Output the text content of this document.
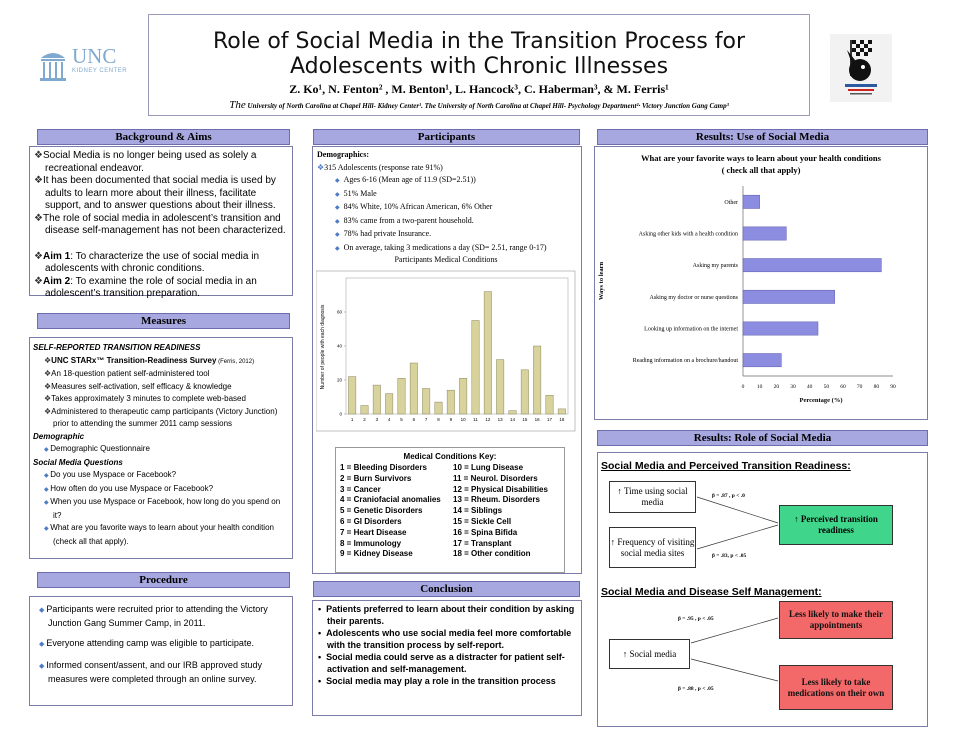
UNC
KIDNEY CENTER
Role of Social Media in the Transition Process for
Adolescents with Chronic Illnesses
Z. Ko¹, N. Fenton² , M. Benton¹, L. Hancock³, C. Haberman³, & M. Ferris¹
The University of North Carolina at Chapel Hill- Kidney Center¹. The University of North Carolina at Chapel Hill- Psychology Department²· Victory Junction Gang Camp³
Background & Aims

❖Social Media is no longer being used as solely a recreational endeavor.

❖It has been documented that social media is used by adults to learn more about their illness, facilitate support, and to answer questions about their illness.

❖The role of social media in adolescent’s transition and disease self-management has not been characterized.

❖Aim 1: To characterize the use of social media in adolescents with chronic conditions.

❖Aim 2: To examine the role of social media in an adolescent’s transition preparation.

Measures
SELF-REPORTED TRANSITION READINESS
❖UNC STARx™ Transition-Readiness Survey (Ferris, 2012)
❖An 18-question patient self-administered tool
❖Measures self-activation, self efficacy & knowledge
❖Takes approximately 3 minutes to complete web-based
❖Administered to therapeutic camp participants (Victory Junction) prior to attending the summer 2011 camp sessions
Demographic
◆ Demographic Questionnaire
Social Media Questions
◆ Do you use Myspace or Facebook?
◆ How often do you use Myspace or Facebook?
◆ When you use Myspace or Facebook, how long do you spend on it?
◆ What are you favorite ways to learn about your health condition (check all that apply).
Procedure

◆ Participants were recruited prior to attending the Victory Junction Gang Summer Camp, in 2011.

◆ Everyone attending camp was eligible to participate.

◆ Informed consent/assent, and our IRB approved study measures were completed through an online survey.

Participants
Demographics:
❖315 Adolescents (response rate 91%)
◆ Ages 6-16 (Mean age of 11.9 (SD=2.51))
◆ 51% Male
◆ 84% White, 10% African American, 6% Other
◆ 83% came from a two-parent household.
◆ 78% had private Insurance.
◆ On average, taking 3 medications a day (SD= 2.51, range 0-17)
Participants Medical Conditions
Number of people with each diagnosis
0
20
40
60
1 2 3 4 5 6 7 8 9 10 11 12 13 14 15 16 17 18
Medical Conditions Key:
1 = Bleeding Disorders
2 = Burn Survivors
3 = Cancer
4 = Craniofacial anomalies
5 = Genetic Disorders
6 = GI Disorders
7 = Heart Disease
8 = Immunology
9 = Kidney Disease
10 = Lung Disease
11 = Neurol. Disorders
12 = Physical Disabilities
13 = Rheum. Disorders
14 = Siblings
15 = Sickle Cell
16 = Spina Bifida
17 = Transplant
18 = Other condition
Conclusion

•  Patients preferred to learn about their condition by asking their parents.

•  Adolescents who use social media feel more comfortable with the transition process by self-report.

•  Social media could serve as a distracter for patient self-activation and self-management.

•  Social media may play a role in the transition process

Results: Use of Social Media
What are your favorite ways to learn about your health conditions
( check all that apply)
Ways to learn
Percentage (%)
Other
Asking other kids with a health condition
Asking my parents
Asking my doctor or nurse questions
Looking up information on the internet
Reading information on a brochure/handout
0 10 20 30 40 50 60 70 80 90
Results: Role of Social Media
Social Media and Perceived Transition Readiness:
↑ Time using social media
↑ Frequency of visiting social media sites
↑ Perceived transition readiness
β = .87 , p < .0
β = .83, p < .05
Social Media and Disease Self Management:
↑ Social media
Less likely to make their appointments
Less likely to take medications on their own
β = .95 , p < .05
β = .88 , p < .05
